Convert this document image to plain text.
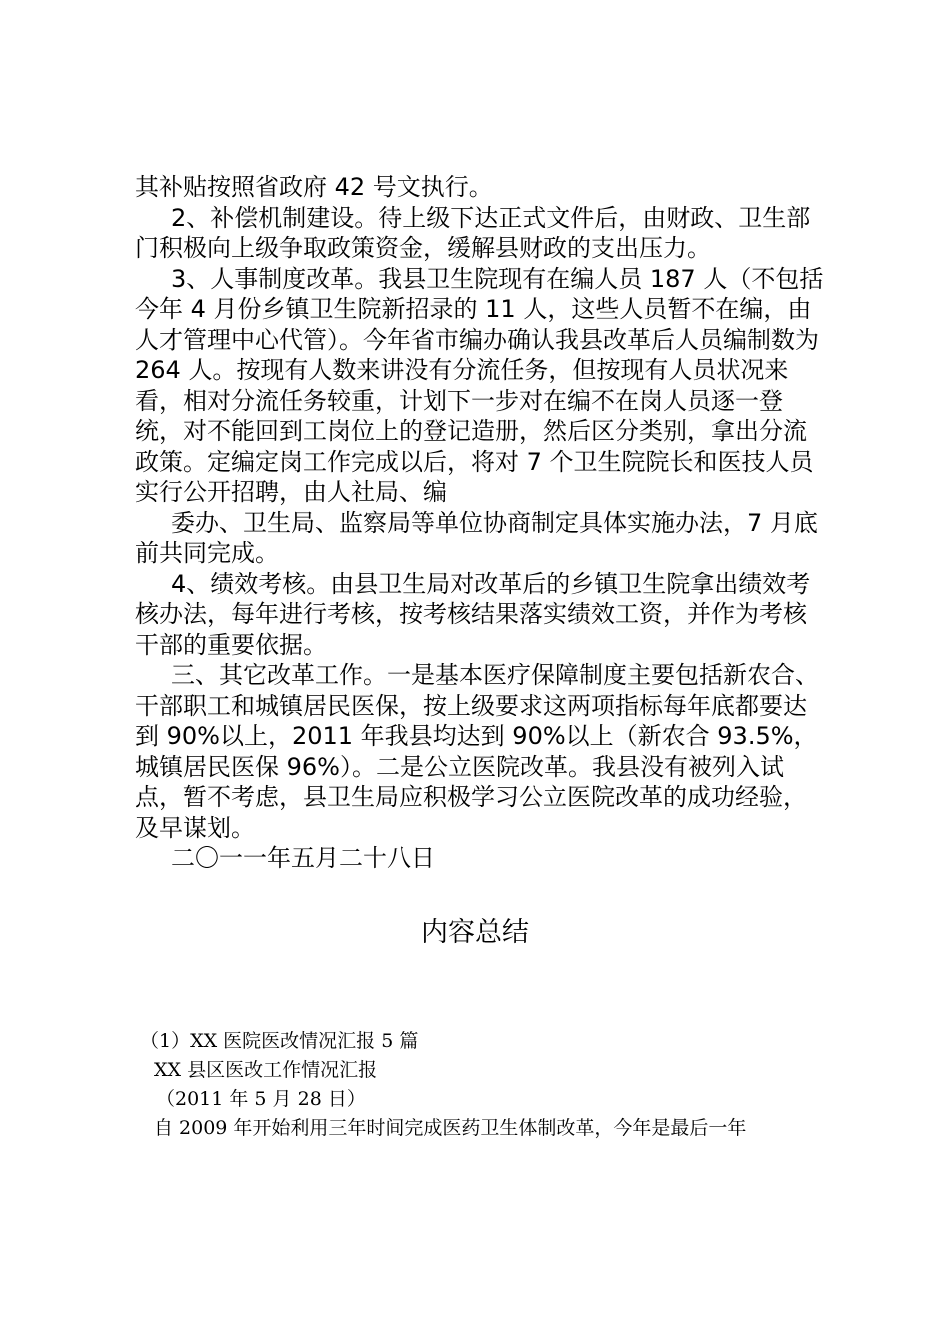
其补贴按照省政府 42 号文执行。

2、补偿机制建设。待上级下达正式文件后，由财政、卫生部门积极向上级争取政策资金，缓解县财政的支出压力。

3、人事制度改革。我县卫生院现有在编人员 187 人（不包括今年 4 月份乡镇卫生院新招录的 11 人，这些人员暂不在编，由人才管理中心代管）。今年省市编办确认我县改革后人员编制数为 264 人。按现有人数来讲没有分流任务，但按现有人员状况来看，相对分流任务较重，计划下一步对在编不在岗人员逐一登统，对不能回到工岗位上的登记造册，然后区分类别，拿出分流政策。定编定岗工作完成以后，将对 7 个卫生院院长和医技人员实行公开招聘，由人社局、编

委办、卫生局、监察局等单位协商制定具体实施办法，7 月底前共同完成。

4、绩效考核。由县卫生局对改革后的乡镇卫生院拿出绩效考核办法，每年进行考核，按考核结果落实绩效工资，并作为考核干部的重要依据。

三、其它改革工作。一是基本医疗保障制度主要包括新农合、干部职工和城镇居民医保，按上级要求这两项指标每年底都要达到 90%以上，2011 年我县均达到 90%以上（新农合 93.5%，城镇居民医保 96%）。二是公立医院改革。我县没有被列入试点，暂不考虑，县卫生局应积极学习公立医院改革的成功经验，及早谋划。

二〇一一年五月二十八日

内容总结

（1）XX 医院医改情况汇报 5 篇

XX 县区医改工作情况汇报

（2011 年 5 月 28 日）

自 2009 年开始利用三年时间完成医药卫生体制改革，今年是最后一年
